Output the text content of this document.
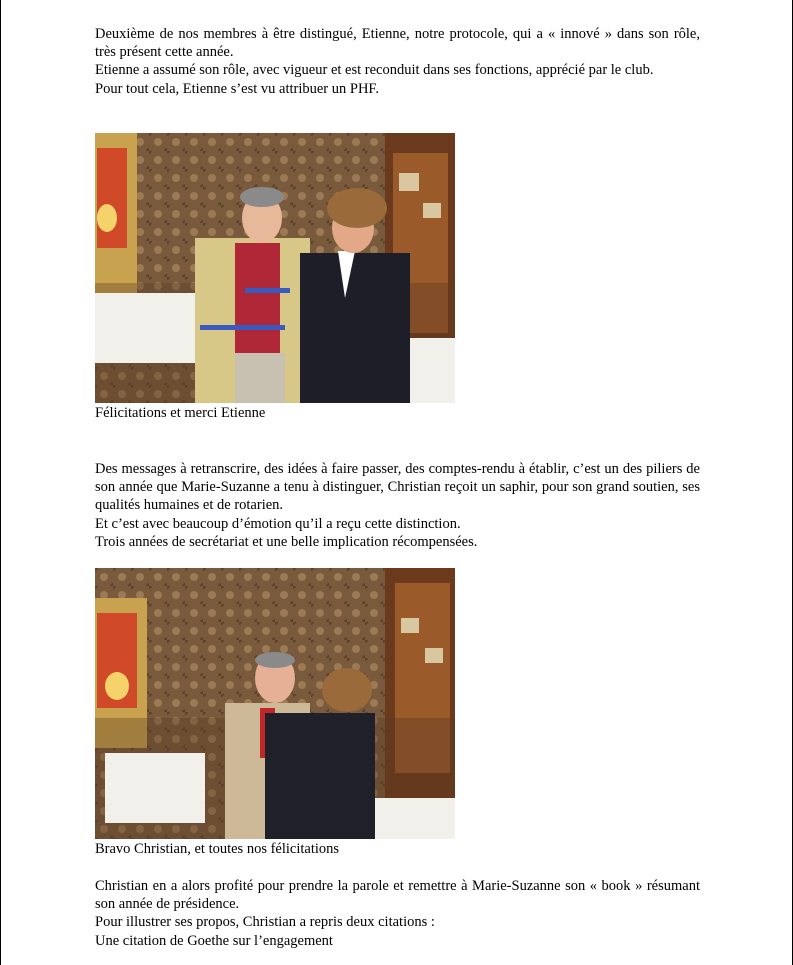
Deuxième de nos membres à être distingué, Etienne, notre protocole, qui a « innové » dans son rôle, très présent cette année.

Etienne a assumé son rôle, avec vigueur et est reconduit dans ses fonctions, apprécié par le club.

Pour tout cela, Etienne s’est vu attribuer un PHF.

Félicitations et merci Etienne

Des messages à retranscrire, des idées à faire passer, des comptes-rendu à établir, c’est un des piliers de son année que Marie-Suzanne a tenu à distinguer, Christian reçoit un saphir, pour son grand soutien, ses qualités humaines et de rotarien.

Et c’est avec beaucoup d’émotion qu’il a reçu cette distinction.

Trois années de secrétariat et une belle implication récompensées.

Bravo Christian, et toutes nos félicitations

Christian en a alors profité pour prendre la parole et remettre à Marie-Suzanne son « book » résumant son année de présidence.

Pour illustrer ses propos, Christian a repris deux citations :

Une citation de Goethe sur l’engagement
